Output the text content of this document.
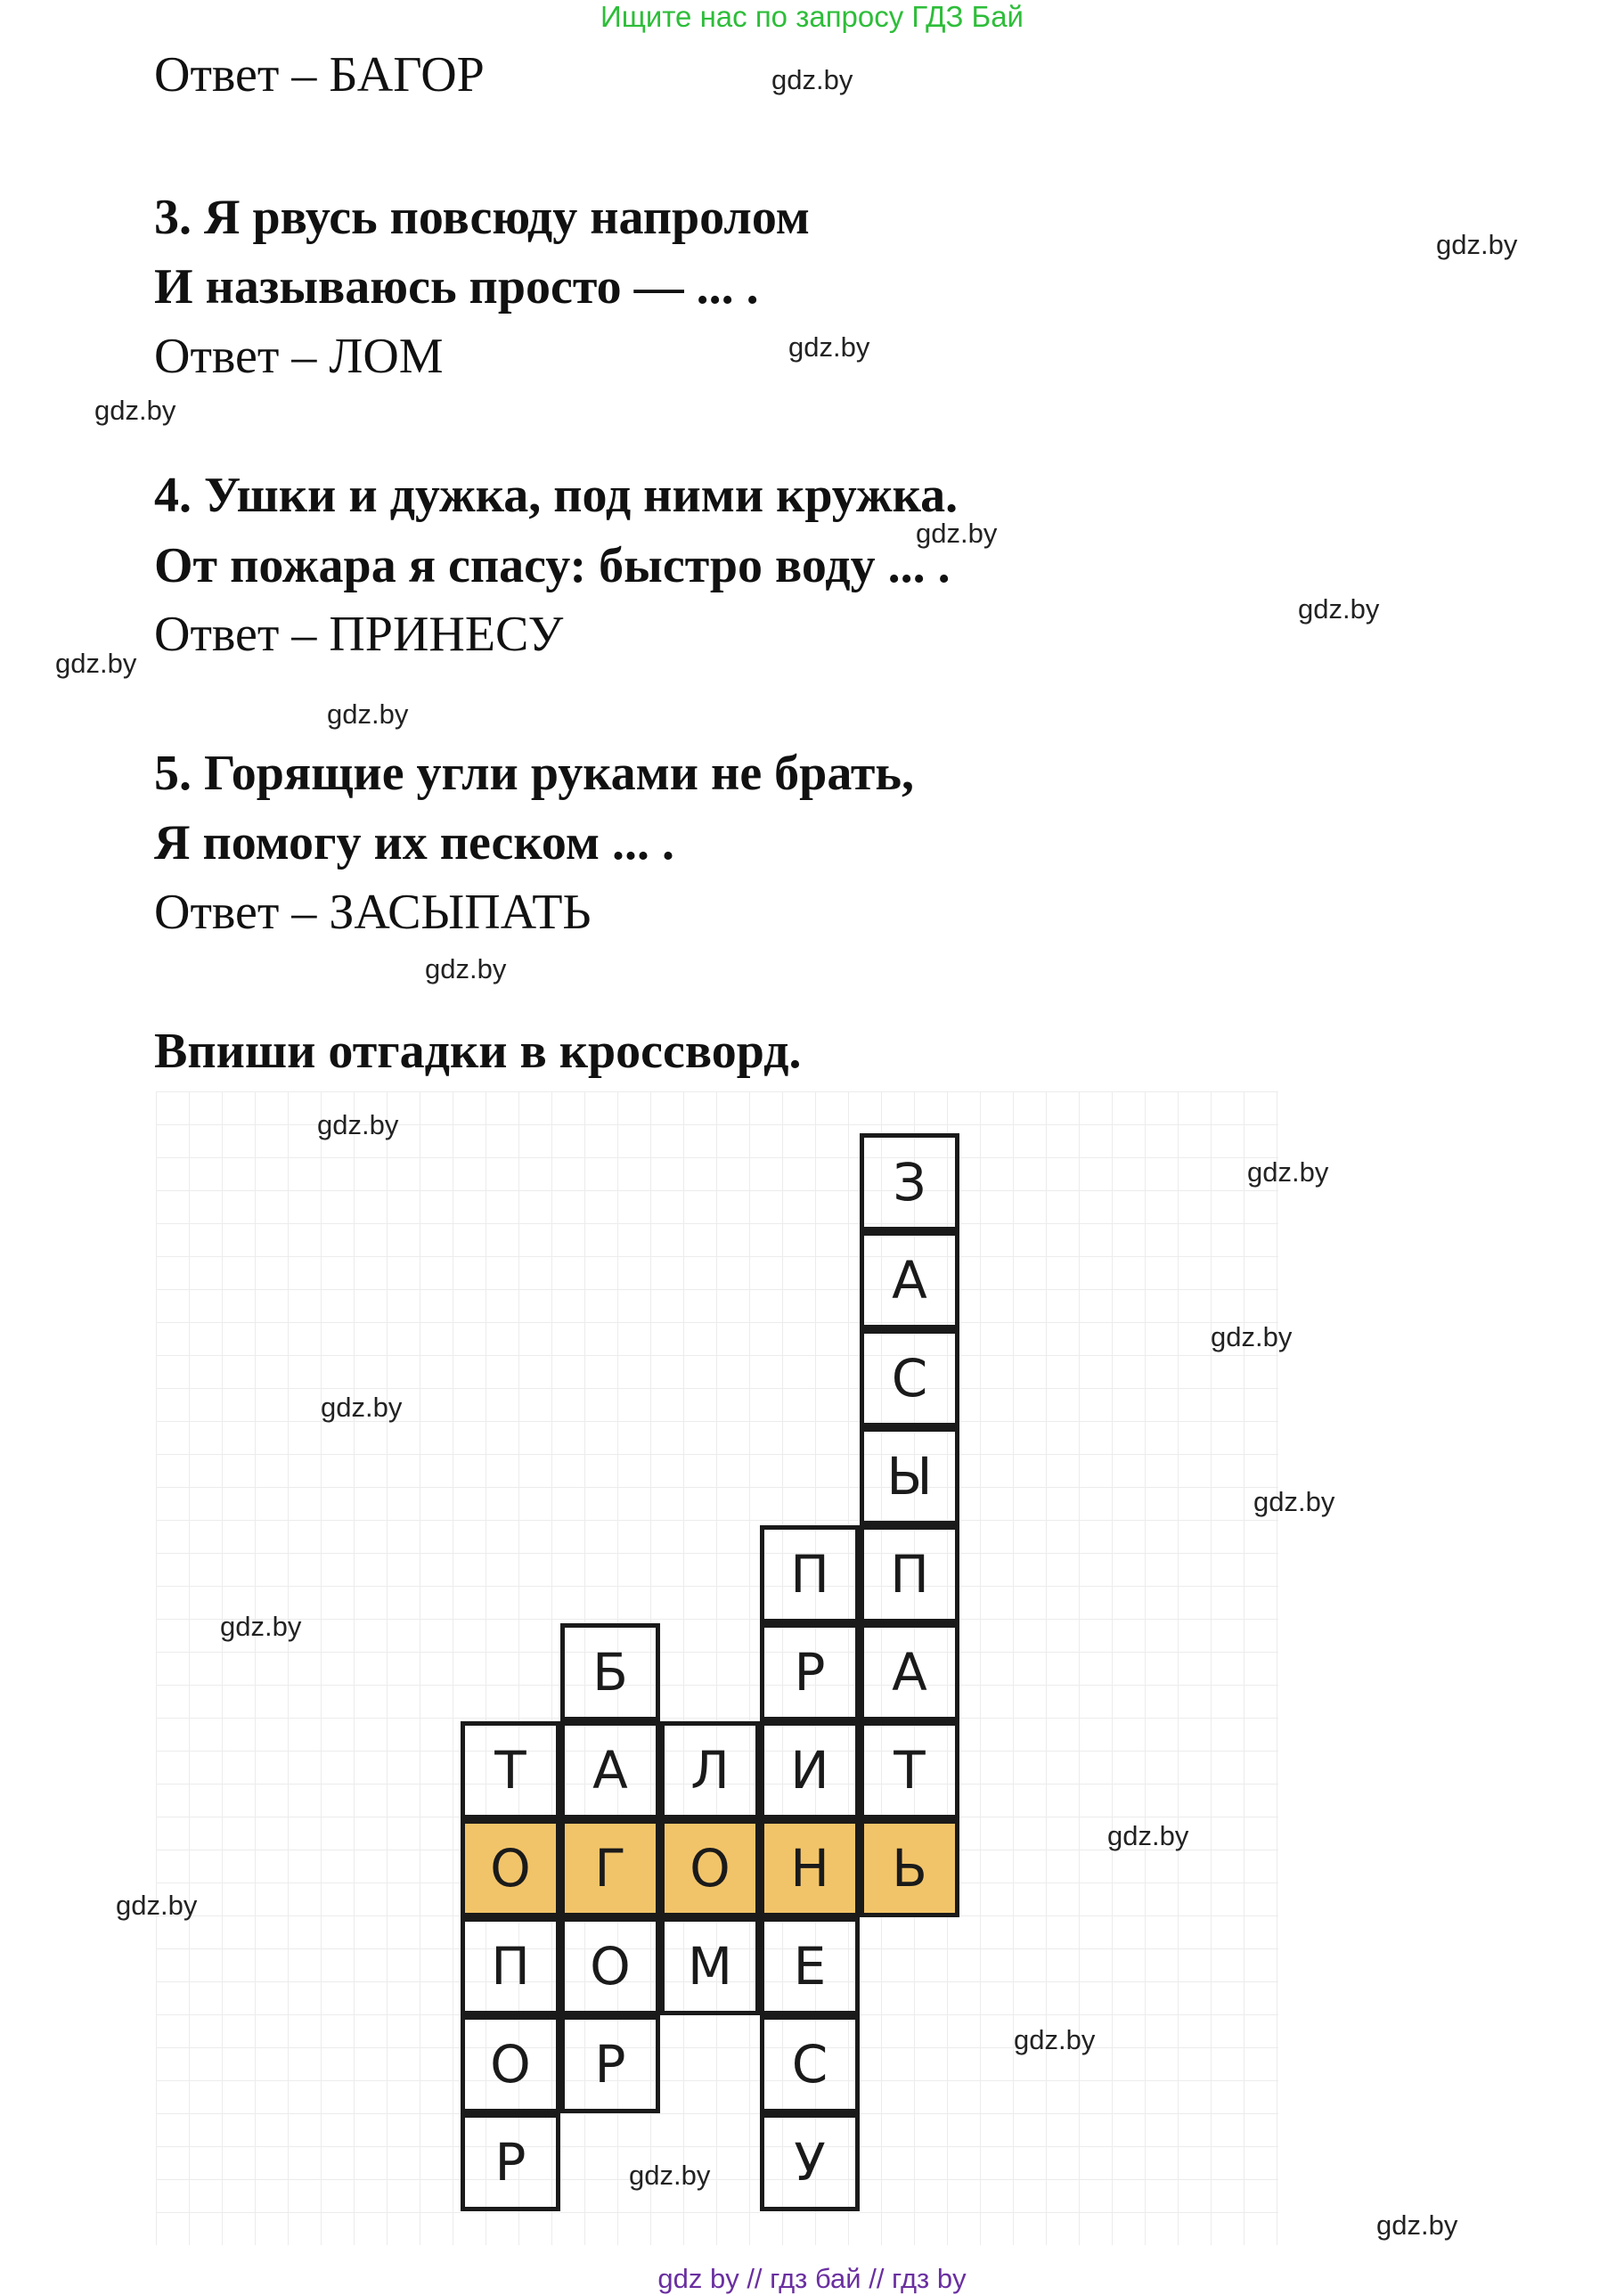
Ищите нас по запросу ГДЗ Бай
Ответ – БАГОР	gdz.by
3. Я рвусь повсюду напролом	gdz.by
И называюсь просто — ... .
Ответ – ЛОМ	gdz.by
gdz.by
4. Ушки и дужка, под ними кружка.
gdz.by
От пожара я спасу: быстро воду ... .
gdz.by
Ответ – ПРИНЕСУ
gdz.by
gdz.by
5. Горящие угли руками не брать,
Я помогу их песком ... .
Ответ – ЗАСЫПАТЬ
gdz.by
Впиши отгадки в кроссворд.
З
А
С
Ы
П
А
Т
Ь
П
Р
И
Н
Е
С
У
Б
А
Г
О
Р
Т
О
П
О
Р
Л
О
М
gdz.by
gdz.by
gdz.by
gdz.by
gdz.by
gdz.by
gdz.by
gdz.by
gdz.by
gdz.by
gdz.by
gdz by // гдз бай // гдз by
